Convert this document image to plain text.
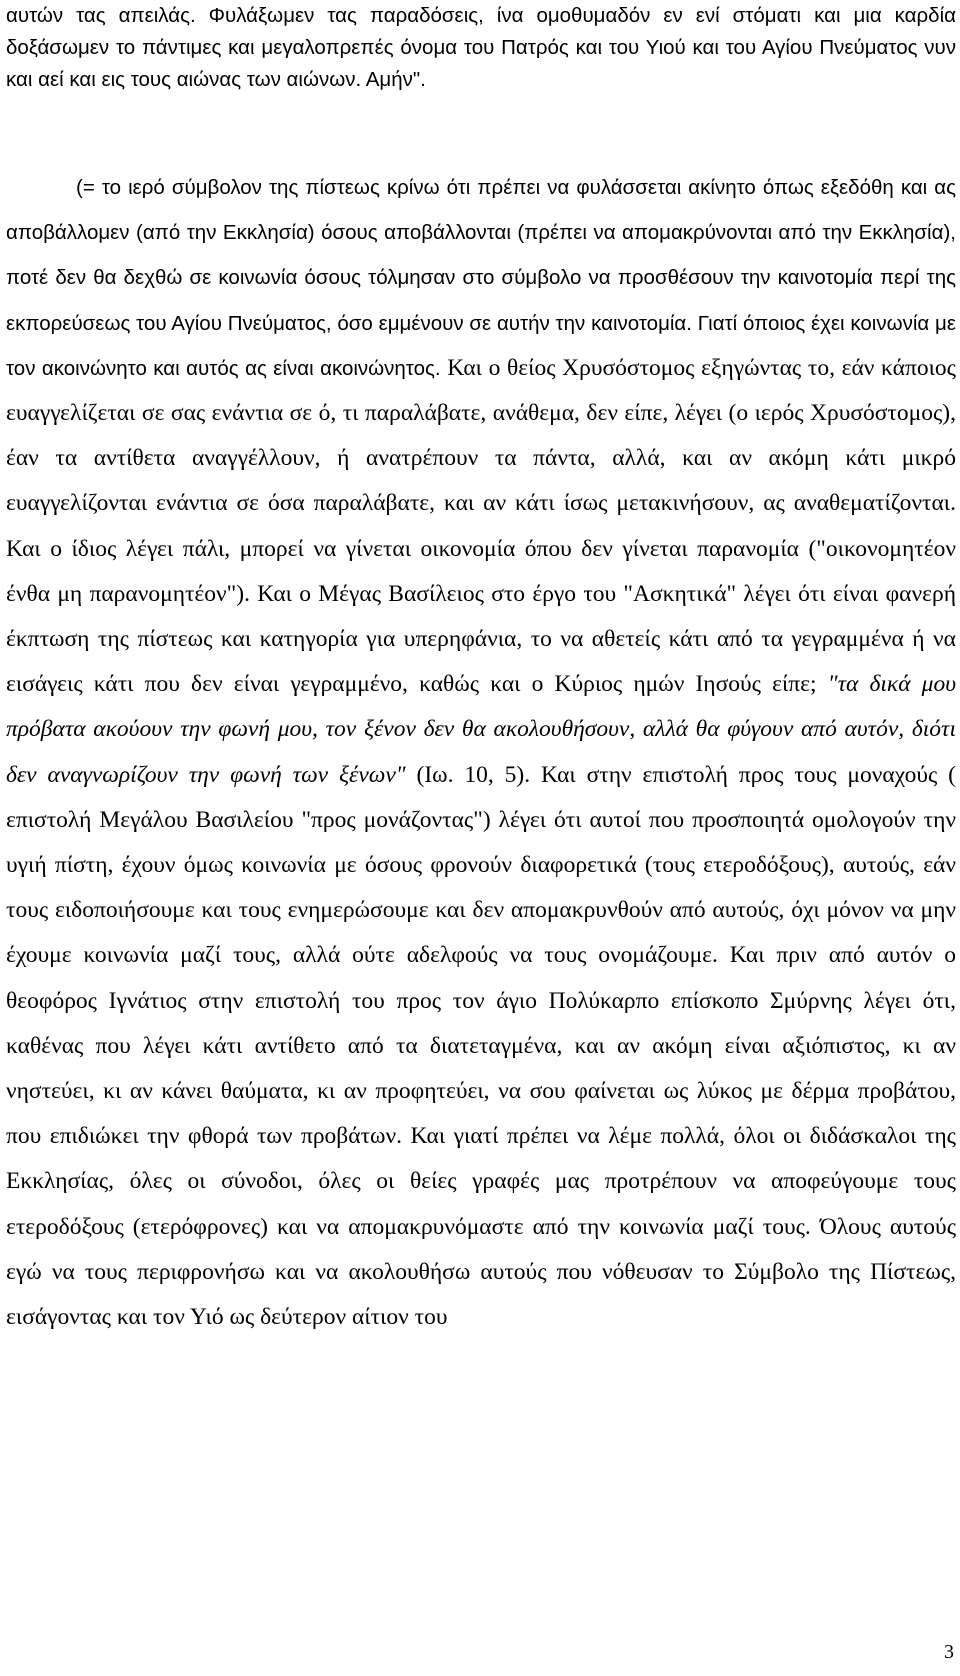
αυτών τας απειλάς. Φυλάξωμεν τας παραδόσεις, ίνα ομοθυμαδόν εν ενί στόματι και μια καρδία δοξάσωμεν το πάντιμες και μεγαλοπρεπές όνομα του Πατρός και του Υιού και του Αγίου Πνεύματος νυν και αεί και εις τους αιώνας των αιώνων. Αμήν".

(= το ιερό σύμβολον της πίστεως κρίνω ότι πρέπει να φυλάσσεται ακίνητο όπως εξεδόθη και ας αποβάλλομεν (από την Εκκλησία) όσους αποβάλλονται (πρέπει να απομακρύνονται από την Εκκλησία), ποτέ δεν θα δεχθώ σε κοινωνία όσους τόλμησαν στο σύμβολο να προσθέσουν την καινοτομία περί της εκπορεύσεως του Αγίου Πνεύματος, όσο εμμένουν σε αυτήν την καινοτομία. Γιατί όποιος έχει κοινωνία με τον ακοινώνητο και αυτός ας είναι ακοινώνητος. Και ο θείος Χρυσόστομος εξηγώντας το, εάν κάποιος ευαγγελίζεται σε σας ενάντια σε ό, τι παραλάβατε, ανάθεμα, δεν είπε, λέγει (ο ιερός Χρυσόστομος), έαν τα αντίθετα αναγγέλλουν, ή ανατρέπουν τα πάντα, αλλά, και αν ακόμη κάτι μικρό ευαγγελίζονται ενάντια σε όσα παραλάβατε, και αν κάτι ίσως μετακινήσουν, ας αναθεματίζονται. Και ο ίδιος λέγει πάλι, μπορεί να γίνεται οικονομία όπου δεν γίνεται παρανομία ("οικονομητέον ένθα μη παρανομητέον"). Και ο Μέγας Βασίλειος στο έργο του "Ασκητικά" λέγει ότι είναι φανερή έκπτωση της πίστεως και κατηγορία για υπερηφάνια, το να αθετείς κάτι από τα γεγραμμένα ή να εισάγεις κάτι που δεν είναι γεγραμμένο, καθώς και ο Κύριος ημών Ιησούς είπε; "τα δικά μου πρόβατα ακούουν την φωνή μου, τον ξένον δεν θα ακολουθήσουν, αλλά θα φύγουν από αυτόν, διότι δεν αναγνωρίζουν την φωνή των ξένων" (Ιω. 10, 5). Και στην επιστολή προς τους μοναχούς ( επιστολή Μεγάλου Βασιλείου "προς μονάζοντας") λέγει ότι αυτοί που προσποιητά ομολογούν την υγιή πίστη, έχουν όμως κοινωνία με όσους φρονούν διαφορετικά (τους ετεροδόξους), αυτούς, εάν τους ειδοποιήσουμε και τους ενημερώσουμε και δεν απομακρυνθούν από αυτούς, όχι μόνον να μην έχουμε κοινωνία μαζί τους, αλλά ούτε αδελφούς να τους ονομάζουμε. Και πριν από αυτόν ο θεοφόρος Ιγνάτιος στην επιστολή του προς τον άγιο Πολύκαρπο επίσκοπο Σμύρνης λέγει ότι, καθένας που λέγει κάτι αντίθετο από τα διατεταγμένα, και αν ακόμη είναι αξιόπιστος, κι αν νηστεύει, κι αν κάνει θαύματα, κι αν προφητεύει, να σου φαίνεται ως λύκος με δέρμα προβάτου, που επιδιώκει την φθορά των προβάτων. Και γιατί πρέπει να λέμε πολλά, όλοι οι διδάσκαλοι της Εκκλησίας, όλες οι σύνοδοι, όλες οι θείες γραφές μας προτρέπουν να αποφεύγουμε τους ετεροδόξους (ετερόφρονες) και να απομακρυνόμαστε από την κοινωνία μαζί τους. Όλους αυτούς εγώ να τους περιφρονήσω και να ακολουθήσω αυτούς που νόθευσαν το Σύμβολο της Πίστεως, εισάγοντας και τον Υιό ως δεύτερον αίτιον του

3
